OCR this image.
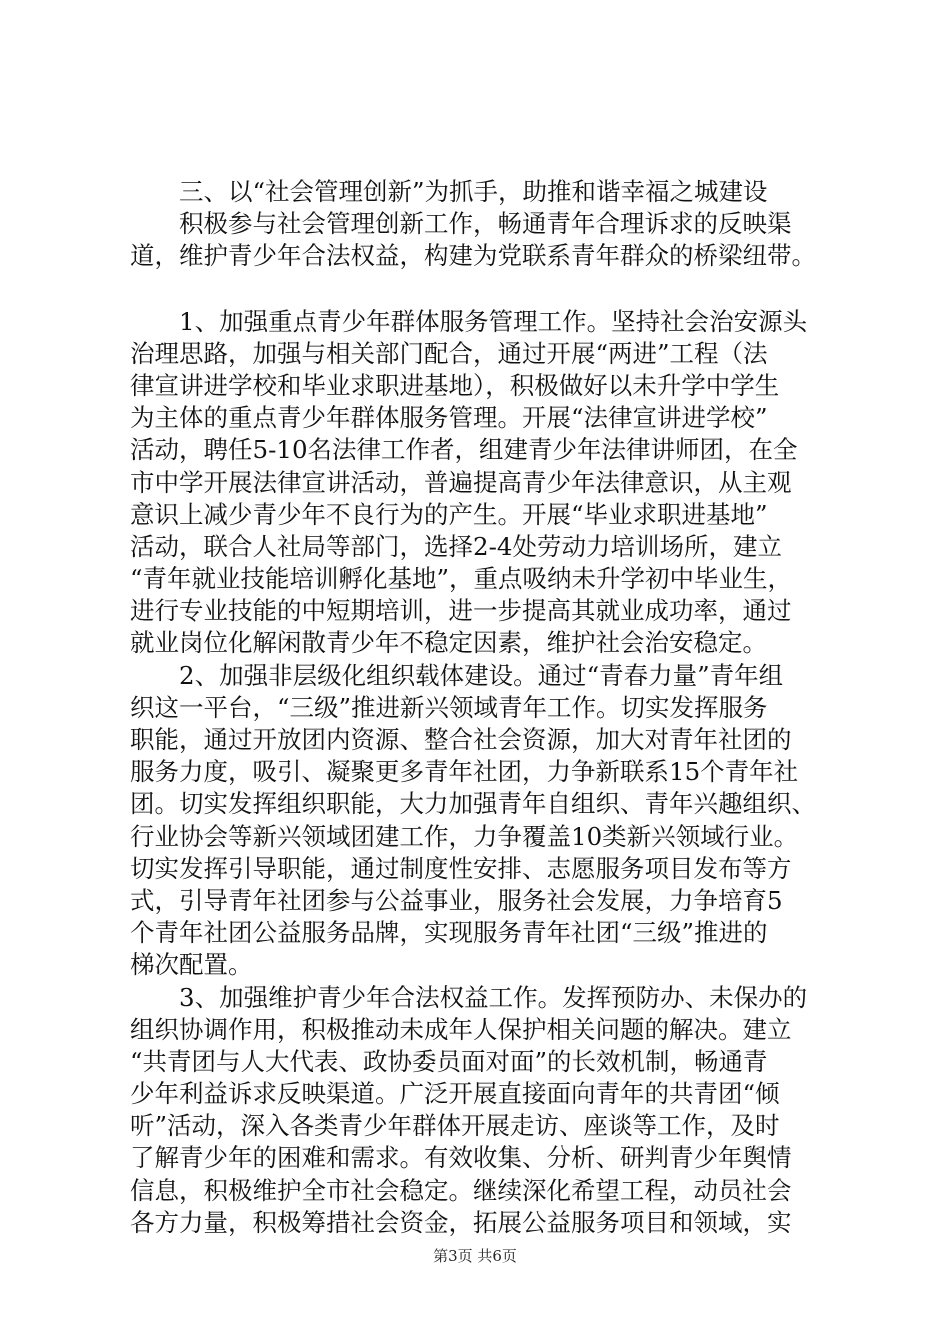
　　三、以“社会管理创新”为抓手，助推和谐幸福之城建设
　　积极参与社会管理创新工作，畅通青年合理诉求的反映渠
道，维护青少年合法权益，构建为党联系青年群众的桥梁纽带。
　　1、加强重点青少年群体服务管理工作。坚持社会治安源头
治理思路，加强与相关部门配合，通过开展“两进”工程（法
律宣讲进学校和毕业求职进基地），积极做好以未升学中学生
为主体的重点青少年群体服务管理。开展“法律宣讲进学校”
活动，聘任5-10名法律工作者，组建青少年法律讲师团，在全
市中学开展法律宣讲活动，普遍提高青少年法律意识，从主观
意识上减少青少年不良行为的产生。开展“毕业求职进基地”
活动，联合人社局等部门，选择2-4处劳动力培训场所，建立
“青年就业技能培训孵化基地”，重点吸纳未升学初中毕业生，
进行专业技能的中短期培训，进一步提高其就业成功率，通过
就业岗位化解闲散青少年不稳定因素，维护社会治安稳定。
　　2、加强非层级化组织载体建设。通过“青春力量”青年组
织这一平台，“三级”推进新兴领域青年工作。切实发挥服务
职能，通过开放团内资源、整合社会资源，加大对青年社团的
服务力度，吸引、凝聚更多青年社团，力争新联系15个青年社
团。切实发挥组织职能，大力加强青年自组织、青年兴趣组织、
行业协会等新兴领域团建工作，力争覆盖10类新兴领域行业。
切实发挥引导职能，通过制度性安排、志愿服务项目发布等方
式，引导青年社团参与公益事业，服务社会发展，力争培育5
个青年社团公益服务品牌，实现服务青年社团“三级”推进的
梯次配置。
　　3、加强维护青少年合法权益工作。发挥预防办、未保办的
组织协调作用，积极推动未成年人保护相关问题的解决。建立
“共青团与人大代表、政协委员面对面”的长效机制，畅通青
少年利益诉求反映渠道。广泛开展直接面向青年的共青团“倾
听”活动，深入各类青少年群体开展走访、座谈等工作，及时
了解青少年的困难和需求。有效收集、分析、研判青少年舆情
信息，积极维护全市社会稳定。继续深化希望工程，动员社会
各方力量，积极筹措社会资金，拓展公益服务项目和领域，实
第3页 共6页
